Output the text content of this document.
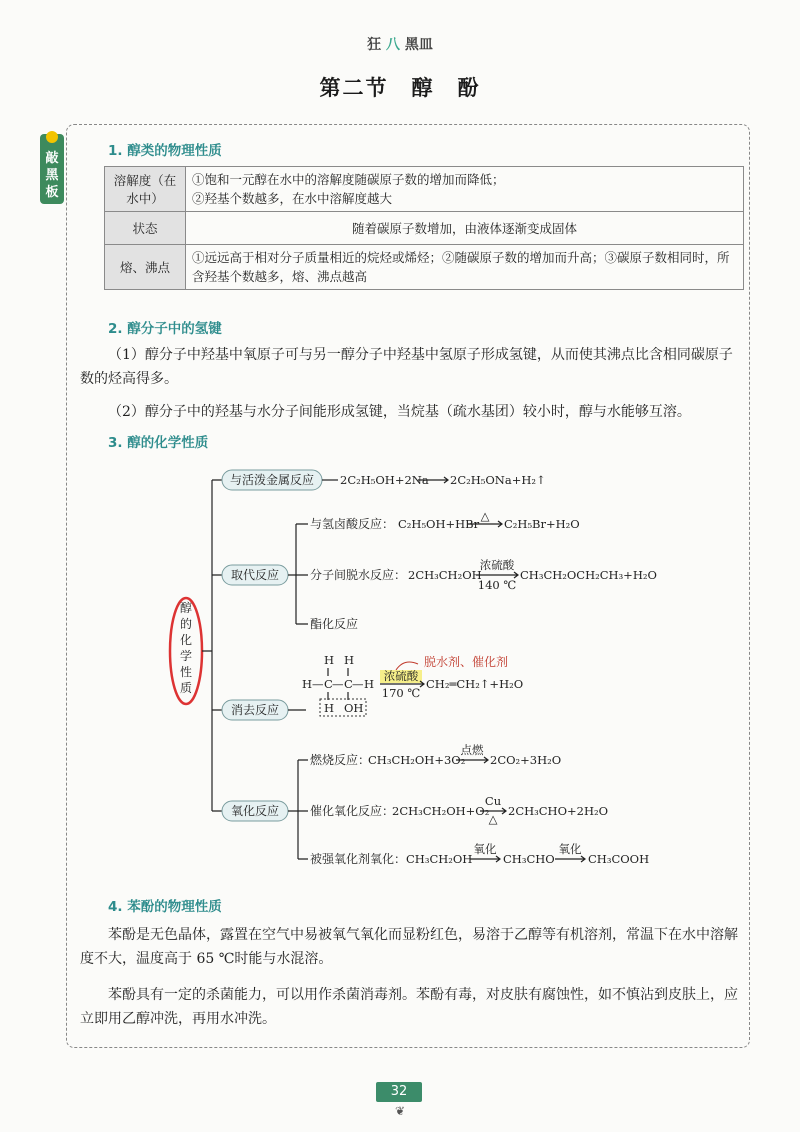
狂 八 黑皿
第二节　醇　酚
敲
黑
板
1. 醇类的物理性质
溶解度（在水中）	①饱和一元醇在水中的溶解度随碳原子数的增加而降低；
②羟基个数越多，在水中溶解度越大

状态	随着碳原子数增加，由液体逐渐变成固体
熔、沸点	①远远高于相对分子质量相近的烷烃或烯烃；②随碳原子数的增加而升高；③碳原子数相同时，所含羟基个数越多，熔、沸点越高
2. 醇分子中的氢键
（1）醇分子中羟基中氧原子可与另一醇分子中羟基中氢原子形成氢键，从而使其沸点比含相同碳原子数的烃高得多。
（2）醇分子中的羟基与水分子间能形成氢键，当烷基（疏水基团）较小时，醇与水能够互溶。
3. 醇的化学性质
醇
的
化
学
性
质
与活泼金属反应 2C₂H₅OH+2Na 2C₂H₅ONa+H₂↑
取代反应
与氢卤酸反应： C₂H₅OH+HBr
△
C₂H₅Br+H₂O
分子间脱水反应： 2CH₃CH₂OH
浓硫酸
140 ℃
CH₃CH₂OCH₂CH₃+H₂O
酯化反应
消去反应
H H
H — C — C — H
H OH
浓硫酸
170 ℃
CH₂═CH₂↑+H₂O
脱水剂、催化剂
氧化反应
燃烧反应：
CH₃CH₂OH+3O₂
点燃
2CO₂+3H₂O
催化氧化反应：
2CH₃CH₂OH+O₂
Cu
△
2CH₃CHO+2H₂O
被强氧化剂氧化： CH₃CH₂OH
氧化
CH₃CHO
氧化
CH₃COOH
4. 苯酚的物理性质
苯酚是无色晶体，露置在空气中易被氧气氧化而显粉红色，易溶于乙醇等有机溶剂，常温下在水中溶解度不大，温度高于 65 ℃时能与水混溶。
苯酚具有一定的杀菌能力，可以用作杀菌消毒剂。苯酚有毒，对皮肤有腐蚀性，如不慎沾到皮肤上，应立即用乙醇冲洗，再用水冲洗。
32
❦
